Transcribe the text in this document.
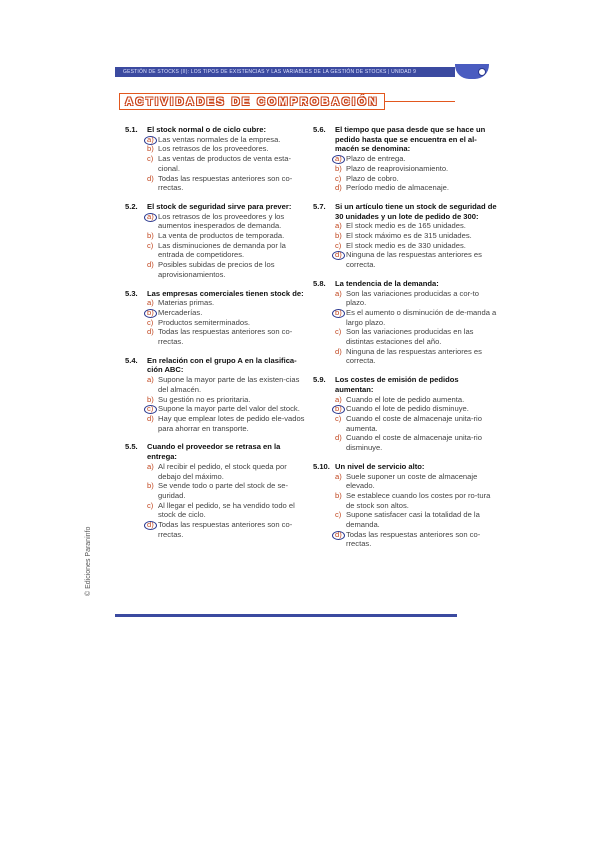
GESTIÓN DE STOCKS (II): LOS TIPOS DE EXISTENCIAS Y LAS VARIABLES DE LA GESTIÓN DE STOCKS | UNIDAD 9
ACTIVIDADES DE COMPROBACIÓN
© Ediciones Paraninfo
5.1.	El stock normal o de ciclo cubre:
a) Las ventas normales de la empresa.
b) Los retrasos de los proveedores.
c) Las ventas de productos de venta esta-cional.
d) Todas las respuestas anteriores son co-rrectas.
5.2.	El stock de seguridad sirve para prever:
a) Los retrasos de los proveedores y los aumentos inesperados de demanda.
b) La venta de productos de temporada.
c) Las disminuciones de demanda por la entrada de competidores.
d) Posibles subidas de precios de los aprovisionamientos.
5.3.	Las empresas comerciales tienen stock de:
a) Materias primas.
b) Mercaderías.
c) Productos semiterminados.
d) Todas las respuestas anteriores son co-rrectas.
5.4.	En relación con el grupo A en la clasifica-ción ABC:
a) Supone la mayor parte de las existen-cias del almacén.
b) Su gestión no es prioritaria.
c) Supone la mayor parte del valor del stock.
d) Hay que emplear lotes de pedido ele-vados para ahorrar en transporte.
5.5.	Cuando el proveedor se retrasa en la entrega:
a) Al recibir el pedido, el stock queda por debajo del máximo.
b) Se vende todo o parte del stock de se-guridad.
c) Al llegar el pedido, se ha vendido todo el stock de ciclo.
d) Todas las respuestas anteriores son co-rrectas.
5.6.	El tiempo que pasa desde que se hace un pedido hasta que se encuentra en el al-macén se denomina:
a) Plazo de entrega.
b) Plazo de reaprovisionamiento.
c) Plazo de cobro.
d) Período medio de almacenaje.
5.7.	Si un artículo tiene un stock de seguridad de 30 unidades y un lote de pedido de 300:
a) El stock medio es de 165 unidades.
b) El stock máximo es de 315 unidades.
c) El stock medio es de 330 unidades.
d) Ninguna de las respuestas anteriores es correcta.
5.8.	La tendencia de la demanda:
a) Son las variaciones producidas a cor-to plazo.
b) Es el aumento o disminución de de-manda a largo plazo.
c) Son las variaciones producidas en las distintas estaciones del año.
d) Ninguna de las respuestas anteriores es correcta.
5.9.	Los costes de emisión de pedidos aumentan:
a) Cuando el lote de pedido aumenta.
b) Cuando el lote de pedido disminuye.
c) Cuando el coste de almacenaje unita-rio aumenta.
d) Cuando el coste de almacenaje unita-rio disminuye.
5.10. Un nivel de servicio alto:
a) Suele suponer un coste de almacenaje elevado.
b) Se establece cuando los costes por ro-tura de stock son altos.
c) Supone satisfacer casi la totalidad de la demanda.
d) Todas las respuestas anteriores son co-rrectas.
